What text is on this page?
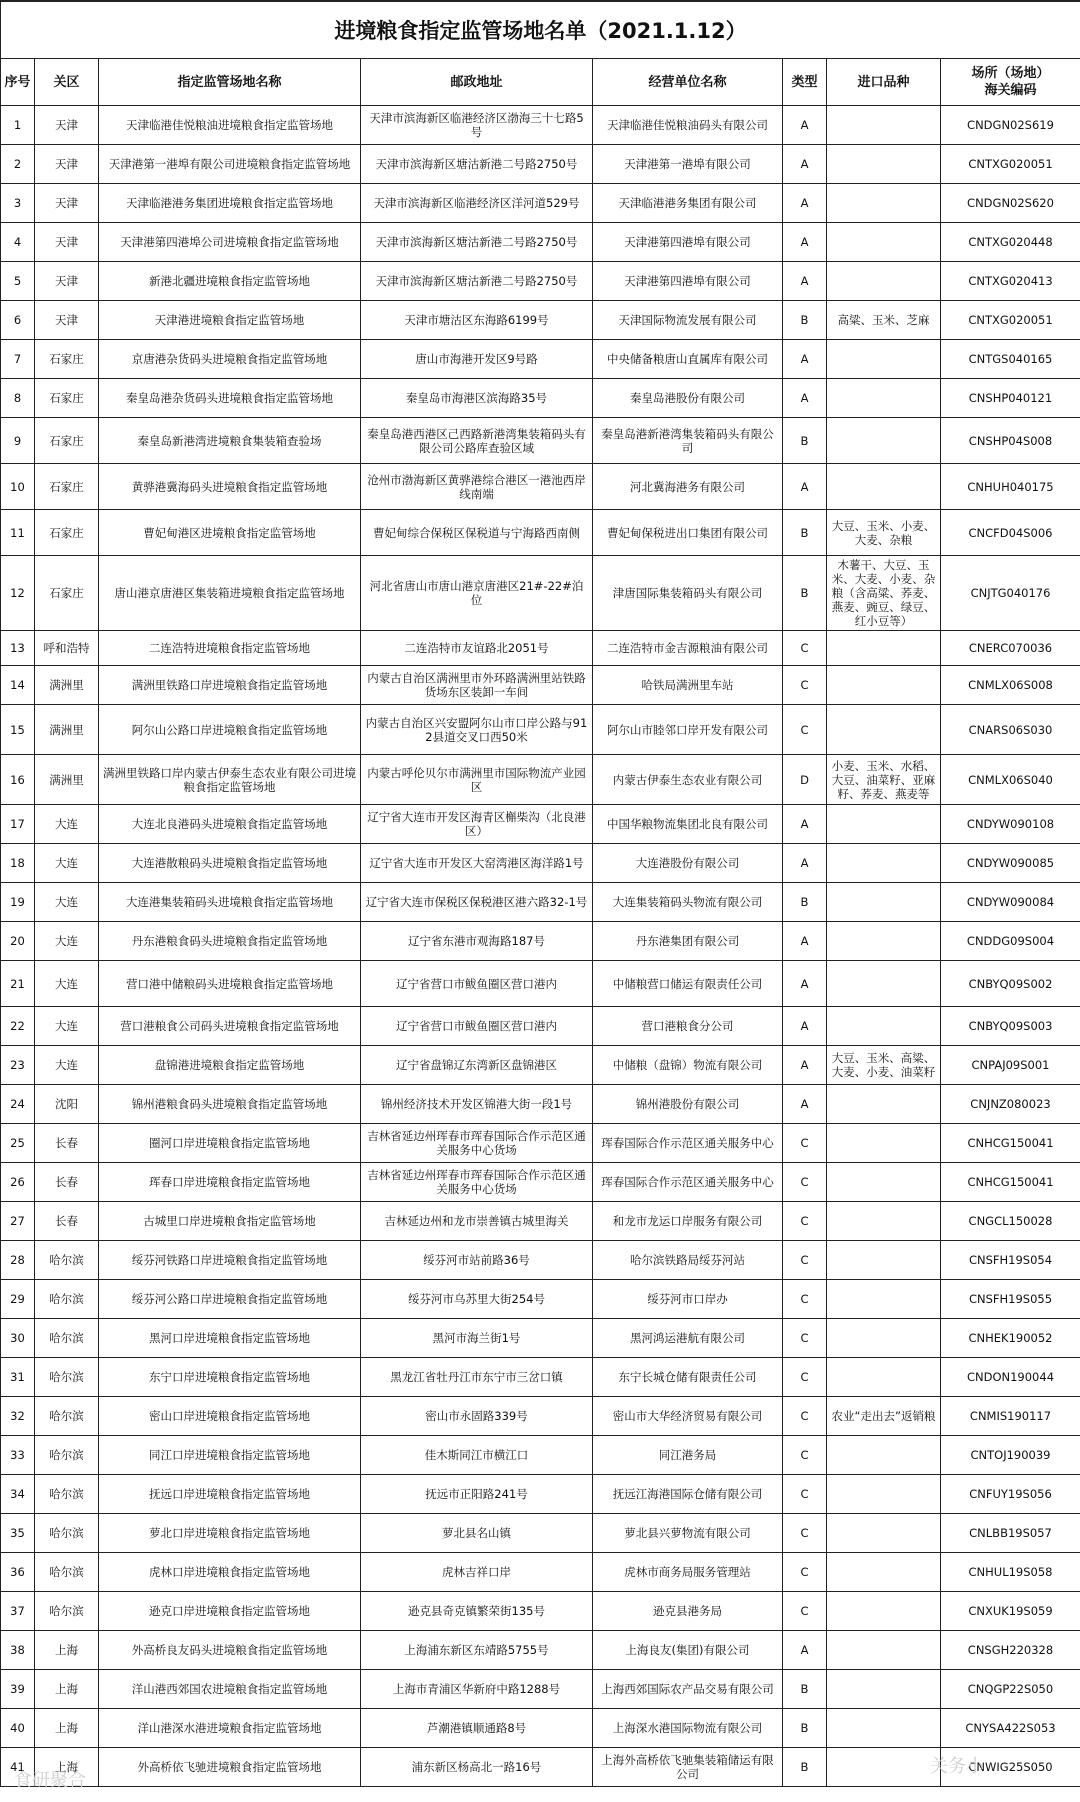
进境粮食指定监管场地名单（2021.1.12）							
序号	关区	指定监管场地名称	邮政地址	经营单位名称	类型	进口品种	场所（场地）
海关编码
1	天津	天津临港佳悦粮油进境粮食指定监管场地	天津市滨海新区临港经济区渤海三十七路5号	天津临港佳悦粮油码头有限公司	A		CNDGN02S619
2	天津	天津港第一港埠有限公司进境粮食指定监管场地	天津市滨海新区塘沽新港二号路2750号	天津港第一港埠有限公司	A		CNTXG020051
3	天津	天津临港港务集团进境粮食指定监管场地	天津市滨海新区临港经济区洋河道529号	天津临港港务集团有限公司	A		CNDGN02S620
4	天津	天津港第四港埠公司进境粮食指定监管场地	天津市滨海新区塘沽新港二号路2750号	天津港第四港埠有限公司	A		CNTXG020448
5	天津	新港北疆进境粮食指定监管场地	天津市滨海新区塘沽新港二号路2750号	天津港第四港埠有限公司	A		CNTXG020413
6	天津	天津港进境粮食指定监管场地	天津市塘沽区东海路6199号	天津国际物流发展有限公司	B	高粱、玉米、芝麻	CNTXG020051
7	石家庄	京唐港杂货码头进境粮食指定监管场地	唐山市海港开发区9号路	中央储备粮唐山直属库有限公司	A		CNTGS040165
8	石家庄	秦皇岛港杂货码头进境粮食指定监管场地	秦皇岛市海港区滨海路35号	秦皇岛港股份有限公司	A		CNSHP040121
9	石家庄	秦皇岛新港湾进境粮食集装箱查验场	秦皇岛港西港区己西路新港湾集装箱码头有限公司公路库查验区域	秦皇岛港新港湾集装箱码头有限公司	B		CNSHP04S008
10	石家庄	黄骅港冀海码头进境粮食指定监管场地	沧州市渤海新区黄骅港综合港区一港池西岸线南端	河北冀海港务有限公司	A		CNHUH040175
11	石家庄	曹妃甸港区进境粮食指定监管场地	曹妃甸综合保税区保税道与宁海路西南侧	曹妃甸保税进出口集团有限公司	B	大豆、玉米、小麦、大麦、杂粮	CNCFD04S006
12	石家庄	唐山港京唐港区集装箱进境粮食指定监管场地	河北省唐山市唐山港京唐港区21#-22#泊位	津唐国际集装箱码头有限公司	B	木薯干、大豆、玉米、大麦、小麦、杂粮（含高粱、荞麦、燕麦、豌豆、绿豆、红小豆等）	CNJTG040176
13	呼和浩特	二连浩特进境粮食指定监管场地	二连浩特市友谊路北2051号	二连浩特市金吉源粮油有限公司	C		CNERC070036
14	满洲里	满洲里铁路口岸进境粮食指定监管场地	内蒙古自治区满洲里市外环路满洲里站铁路货场东区装卸一车间	哈铁局满洲里车站	C		CNMLX06S008
15	满洲里	阿尔山公路口岸进境粮食指定监管场地	内蒙古自治区兴安盟阿尔山市口岸公路与912县道交叉口西50米	阿尔山市睦邻口岸开发有限公司	C		CNARS06S030
16	满洲里	满洲里铁路口岸内蒙古伊泰生态农业有限公司进境粮食指定监管场地	内蒙古呼伦贝尔市满洲里市国际物流产业园区	内蒙古伊泰生态农业有限公司	D	小麦、玉米、水稻、大豆、油菜籽、亚麻籽、荞麦、燕麦等	CNMLX06S040
17	大连	大连北良港码头进境粮食指定监管场地	辽宁省大连市开发区海青区槲柴沟（北良港区）	中国华粮物流集团北良有限公司	A		CNDYW090108
18	大连	大连港散粮码头进境粮食指定监管场地	辽宁省大连市开发区大窑湾港区海洋路1号	大连港股份有限公司	A		CNDYW090085
19	大连	大连港集装箱码头进境粮食指定监管场地	辽宁省大连市保税区保税港区港六路32-1号	大连集装箱码头物流有限公司	B		CNDYW090084
20	大连	丹东港粮食码头进境粮食指定监管场地	辽宁省东港市观海路187号	丹东港集团有限公司	A		CNDDG09S004
21	大连	营口港中储粮码头进境粮食指定监管场地	辽宁省营口市鲅鱼圈区营口港内	中储粮营口储运有限责任公司	A		CNBYQ09S002
22	大连	营口港粮食公司码头进境粮食指定监管场地	辽宁省营口市鲅鱼圈区营口港内	营口港粮食分公司	A		CNBYQ09S003
23	大连	盘锦港进境粮食指定监管场地	辽宁省盘锦辽东湾新区盘锦港区	中储粮（盘锦）物流有限公司	A	大豆、玉米、高粱、大麦、小麦、油菜籽	CNPAJ09S001
24	沈阳	锦州港粮食码头进境粮食指定监管场地	锦州经济技术开发区锦港大街一段1号	锦州港股份有限公司	A		CNJNZ080023
25	长春	圈河口岸进境粮食指定监管场地	吉林省延边州珲春市珲春国际合作示范区通关服务中心货场	珲春国际合作示范区通关服务中心	C		CNHCG150041
26	长春	珲春口岸进境粮食指定监管场地	吉林省延边州珲春市珲春国际合作示范区通关服务中心货场	珲春国际合作示范区通关服务中心	C		CNHCG150041
27	长春	古城里口岸进境粮食指定监管场地	吉林延边州和龙市崇善镇古城里海关	和龙市龙运口岸服务有限公司	C		CNGCL150028
28	哈尔滨	绥芬河铁路口岸进境粮食指定监管场地	绥芬河市站前路36号	哈尔滨铁路局绥芬河站	C		CNSFH19S054
29	哈尔滨	绥芬河公路口岸进境粮食指定监管场地	绥芬河市乌苏里大街254号	绥芬河市口岸办	C		CNSFH19S055
30	哈尔滨	黑河口岸进境粮食指定监管场地	黑河市海兰街1号	黑河鸿运港航有限公司	C		CNHEK190052
31	哈尔滨	东宁口岸进境粮食指定监管场地	黑龙江省牡丹江市东宁市三岔口镇	东宁长城仓储有限责任公司	C		CNDON190044
32	哈尔滨	密山口岸进境粮食指定监管场地	密山市永固路339号	密山市大华经济贸易有限公司	C	农业“走出去”返销粮	CNMIS190117
33	哈尔滨	同江口岸进境粮食指定监管场地	佳木斯同江市横江口	同江港务局	C		CNTOJ190039
34	哈尔滨	抚远口岸进境粮食指定监管场地	抚远市正阳路241号	抚远江海港国际仓储有限公司	C		CNFUY19S056
35	哈尔滨	萝北口岸进境粮食指定监管场地	萝北县名山镇	萝北县兴萝物流有限公司	C		CNLBB19S057
36	哈尔滨	虎林口岸进境粮食指定监管场地	虎林吉祥口岸	虎林市商务局服务管理站	C		CNHUL19S058
37	哈尔滨	逊克口岸进境粮食指定监管场地	逊克县奇克镇繁荣街135号	逊克县港务局	C		CNXUK19S059
38	上海	外高桥良友码头进境粮食指定监管场地	上海浦东新区东靖路5755号	上海良友(集团)有限公司	A		CNSGH220328
39	上海	洋山港西郊国农进境粮食指定监管场地	上海市青浦区华新府中路1288号	上海西郊国际农产品交易有限公司	B		CNQGP22S050
40	上海	洋山港深水港进境粮食指定监管场地	芦潮港镇顺通路8号	上海深水港国际物流有限公司	B		CNYSA422S053
41	上海	外高桥依飞驰进境粮食指定监管场地	浦东新区杨高北一路16号	上海外高桥依飞驰集装箱储运有限公司	B		CNWIG25S050
食研聚合
关务小
